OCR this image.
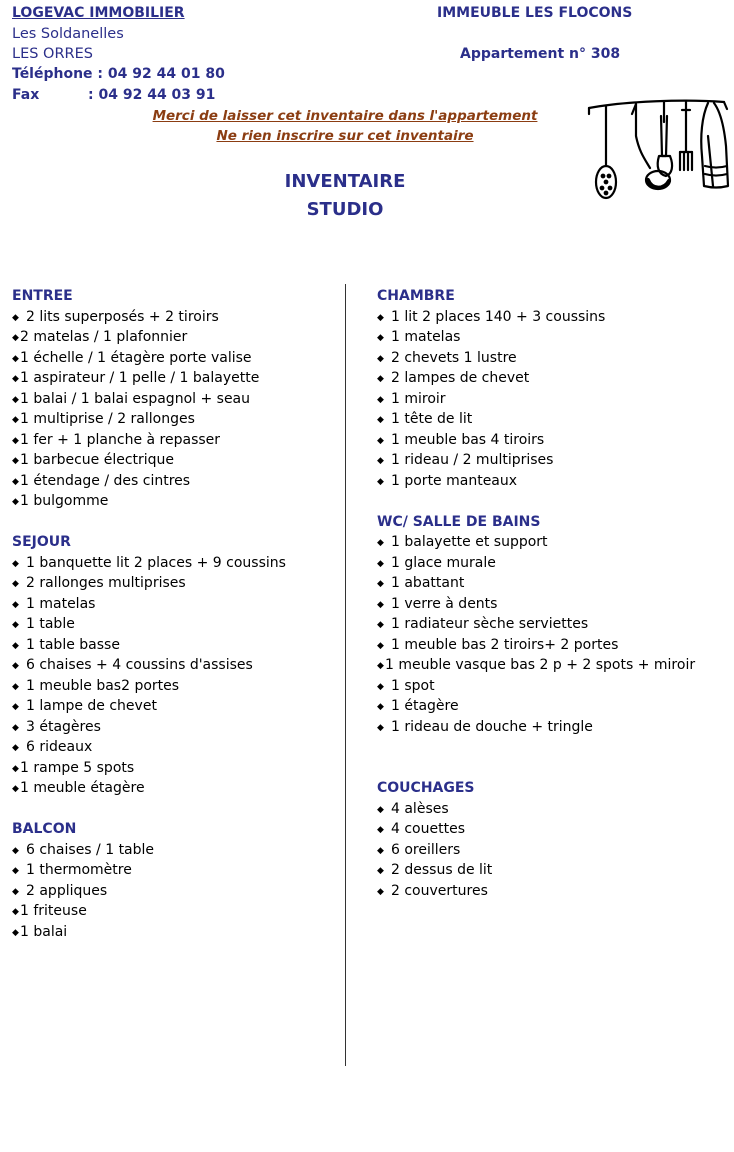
LOGEVAC IMMOBILIER
Les Soldanelles
LES ORRES
Téléphone : 04 92 44 01 80
Fax	: 04 92 44 03 91
IMMEUBLE LES FLOCONS
Appartement n° 308
Merci de laisser cet inventaire dans l'appartement
Ne rien inscrire sur cet inventaire
INVENTAIRE
STUDIO
ENTREE
◆ 2 lits superposés + 2 tiroirs
◆2 matelas / 1 plafonnier
◆1 échelle / 1 étagère porte valise
◆1 aspirateur / 1 pelle / 1 balayette
◆1 balai / 1 balai espagnol + seau
◆1 multiprise / 2 rallonges
◆1 fer + 1 planche à repasser
◆1 barbecue électrique
◆1 étendage / des cintres
◆1 bulgomme
SEJOUR
◆ 1 banquette lit 2 places + 9 coussins
◆ 2 rallonges multiprises
◆ 1 matelas
◆ 1 table
◆ 1 table basse
◆ 6 chaises + 4 coussins d'assises
◆ 1 meuble bas2 portes
◆ 1 lampe de chevet
◆ 3 étagères
◆ 6 rideaux
◆1 rampe 5 spots
◆1 meuble étagère
BALCON
◆ 6 chaises / 1 table
◆ 1 thermomètre
◆ 2 appliques
◆1 friteuse
◆1 balai
CHAMBRE
◆ 1 lit 2 places 140 + 3 coussins
◆ 1 matelas
◆ 2 chevets 1 lustre
◆ 2 lampes de chevet
◆ 1 miroir
◆ 1 tête de lit
◆ 1 meuble bas 4 tiroirs
◆ 1 rideau / 2 multiprises
◆ 1 porte manteaux
WC/ SALLE DE BAINS
◆ 1 balayette et support
◆ 1 glace murale
◆ 1 abattant
◆ 1 verre à dents
◆ 1 radiateur sèche serviettes
◆ 1 meuble bas 2 tiroirs+ 2 portes
◆1 meuble vasque bas 2 p + 2 spots + miroir
◆ 1 spot
◆ 1 étagère
◆ 1 rideau de douche + tringle
COUCHAGES
◆ 4 alèses
◆ 4 couettes
◆ 6 oreillers
◆ 2 dessus de lit
◆ 2 couvertures
